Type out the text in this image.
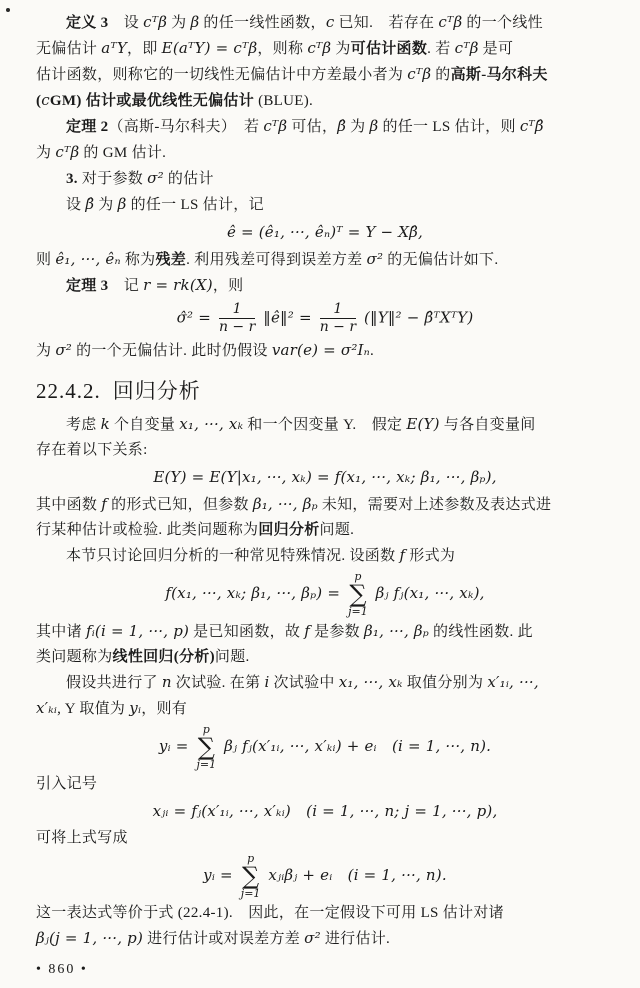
定义 3　设 cᵀβ 为 β 的任一线性函数，c 已知.　若存在 cᵀβ 的一个线性
无偏估计 aᵀY，即 E(aᵀY) = cᵀβ，则称 cᵀβ 为可估计函数. 若 cᵀβ 是可
估计函数，则称它的一切线性无偏估计中方差最小者为 cᵀβ 的高斯-马尔科夫
(cGM) 估计或最优线性无偏估计 (BLUE).
定理 2（高斯-马尔科夫）　若 cᵀβ 可估，β̂ 为 β 的任一 LS 估计，则 cᵀβ̂
为 cᵀβ 的 GM 估计.
3. 对于参数 σ² 的估计
设 β̂ 为 β 的任一 LS 估计，记
ê = (ê₁, ···, êₙ)ᵀ = Y − Xβ̂,
则 ê₁, ···, êₙ 称为残差. 利用残差可得到误差方差 σ² 的无偏估计如下.
定理 3　记 r = rk(X)，则
σ̂² = $\frac{1}{n - r}$ ‖ê‖² = $\frac{1}{n - r}$ (‖Y‖² − β̂ᵀXᵀY)
为 σ² 的一个无偏估计. 此时仍假设 var(e) = σ²Iₙ.
22.4.2. 回归分析
考虑 k 个自变量 x₁, ···, xₖ 和一个因变量 Y.　假定 E(Y) 与各自变量间
存在着以下关系:
E(Y) = E(Y|x₁, ···, xₖ) = f(x₁, ···, xₖ; β₁, ···, βₚ),
其中函数 f 的形式已知，但参数 β₁, ···, βₚ 未知，需要对上述参数及表达式进
行某种估计或检验. 此类问题称为回归分析问题.
本节只讨论回归分析的一种常见特殊情况. 设函数 f 形式为
f(x₁, ···, xₖ; β₁, ···, βₚ) =
p
∑
j=1
βⱼ fⱼ(x₁, ···, xₖ),
其中诸 fᵢ(i = 1, ···, p) 是已知函数，故 f 是参数 β₁, ···, βₚ 的线性函数. 此
类问题称为线性回归(分析)问题.
假设共进行了 n 次试验. 在第 i 次试验中 x₁, ···, xₖ 取值分别为 x′₁ᵢ, ···,
x′ₖᵢ, Y 取值为 yᵢ，则有
yᵢ =
p
∑
j=1
βⱼ fⱼ(x′₁ᵢ, ···, x′ₖᵢ) + eᵢ　(i = 1, ···, n).
引入记号
xⱼᵢ = fⱼ(x′₁ᵢ, ···, x′ₖᵢ)　(i = 1, ···, n; j = 1, ···, p),
可将上式写成
yᵢ =
p
∑
j=1
xⱼᵢβⱼ + eᵢ　(i = 1, ···, n).
这一表达式等价于式 (22.4-1).　因此，在一定假设下可用 LS 估计对诸
βⱼ(j = 1, ···, p) 进行估计或对误差方差 σ² 进行估计.
• 860 •
